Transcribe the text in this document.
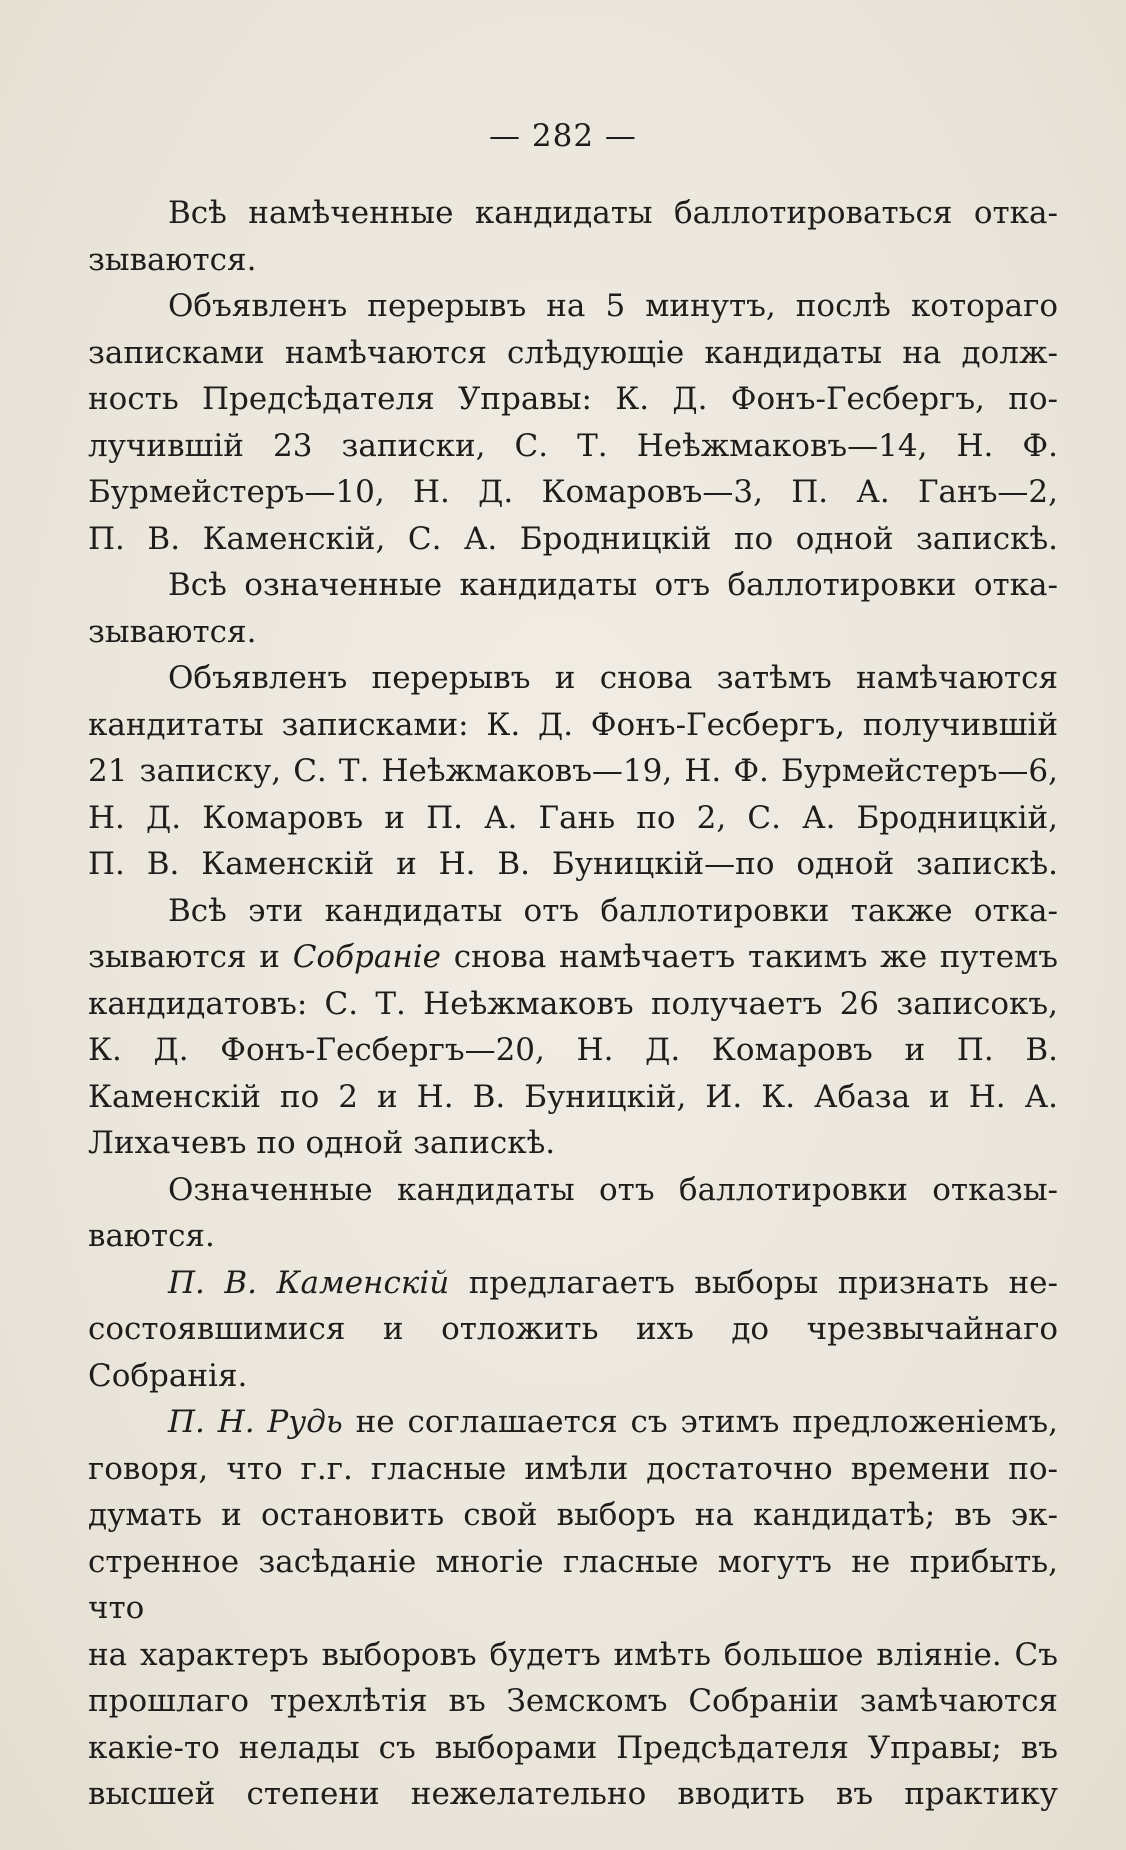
— 282 —

Всѣ намѣченные кандидаты баллотироваться отка-
зываются.

Объявленъ перерывъ на 5 минутъ, послѣ котораго
записками намѣчаются слѣдующіе кандидаты на долж-
ность Предсѣдателя Управы: К. Д. Фонъ-Гесбергъ, по-
лучившій 23 записки, С. Т. Неѣжмаковъ—14, Н. Ф.
Бурмейстеръ—10, Н. Д. Комаровъ—3, П. А. Ганъ—2,
П. В. Каменскій, С. А. Бродницкій по одной запискѣ.

Всѣ означенные кандидаты отъ баллотировки отка-
зываются.

Объявленъ перерывъ и снова затѣмъ намѣчаются
кандитаты записками: К. Д. Фонъ-Гесбергъ, получившій
21 записку, С. Т. Неѣжмаковъ—19, Н. Ф. Бурмейстеръ—6,
Н. Д. Комаровъ и П. А. Гань по 2, С. А. Бродницкій,
П. В. Каменскій и Н. В. Буницкій—по одной запискѣ.

Всѣ эти кандидаты отъ баллотировки также отка-
зываются и Собраніе снова намѣчаетъ такимъ же путемъ
кандидатовъ: С. Т. Неѣжмаковъ получаетъ 26 записокъ,
К. Д. Фонъ-Гесбергъ—20, Н. Д. Комаровъ и П. В.
Каменскій по 2 и Н. В. Буницкій, И. К. Абаза и Н. А.
Лихачевъ по одной запискѣ.

Означенные кандидаты отъ баллотировки отказы-
ваются.

П. В. Каменскій предлагаетъ выборы признать не-
состоявшимися и отложить ихъ до чрезвычайнаго Собранія.

П. Н. Рудь не соглашается съ этимъ предложеніемъ,
говоря, что г.г. гласные имѣли достаточно времени по-
думать и остановить свой выборъ на кандидатѣ; въ эк-
стренное засѣданіе многіе гласные могутъ не прибыть, что
на характеръ выборовъ будетъ имѣть большое вліяніе. Съ
прошлаго трехлѣтія въ Земскомъ Собраніи замѣчаются
какіе-то нелады съ выборами Предсѣдателя Управы; въ
высшей степени нежелательно вводить въ практику
